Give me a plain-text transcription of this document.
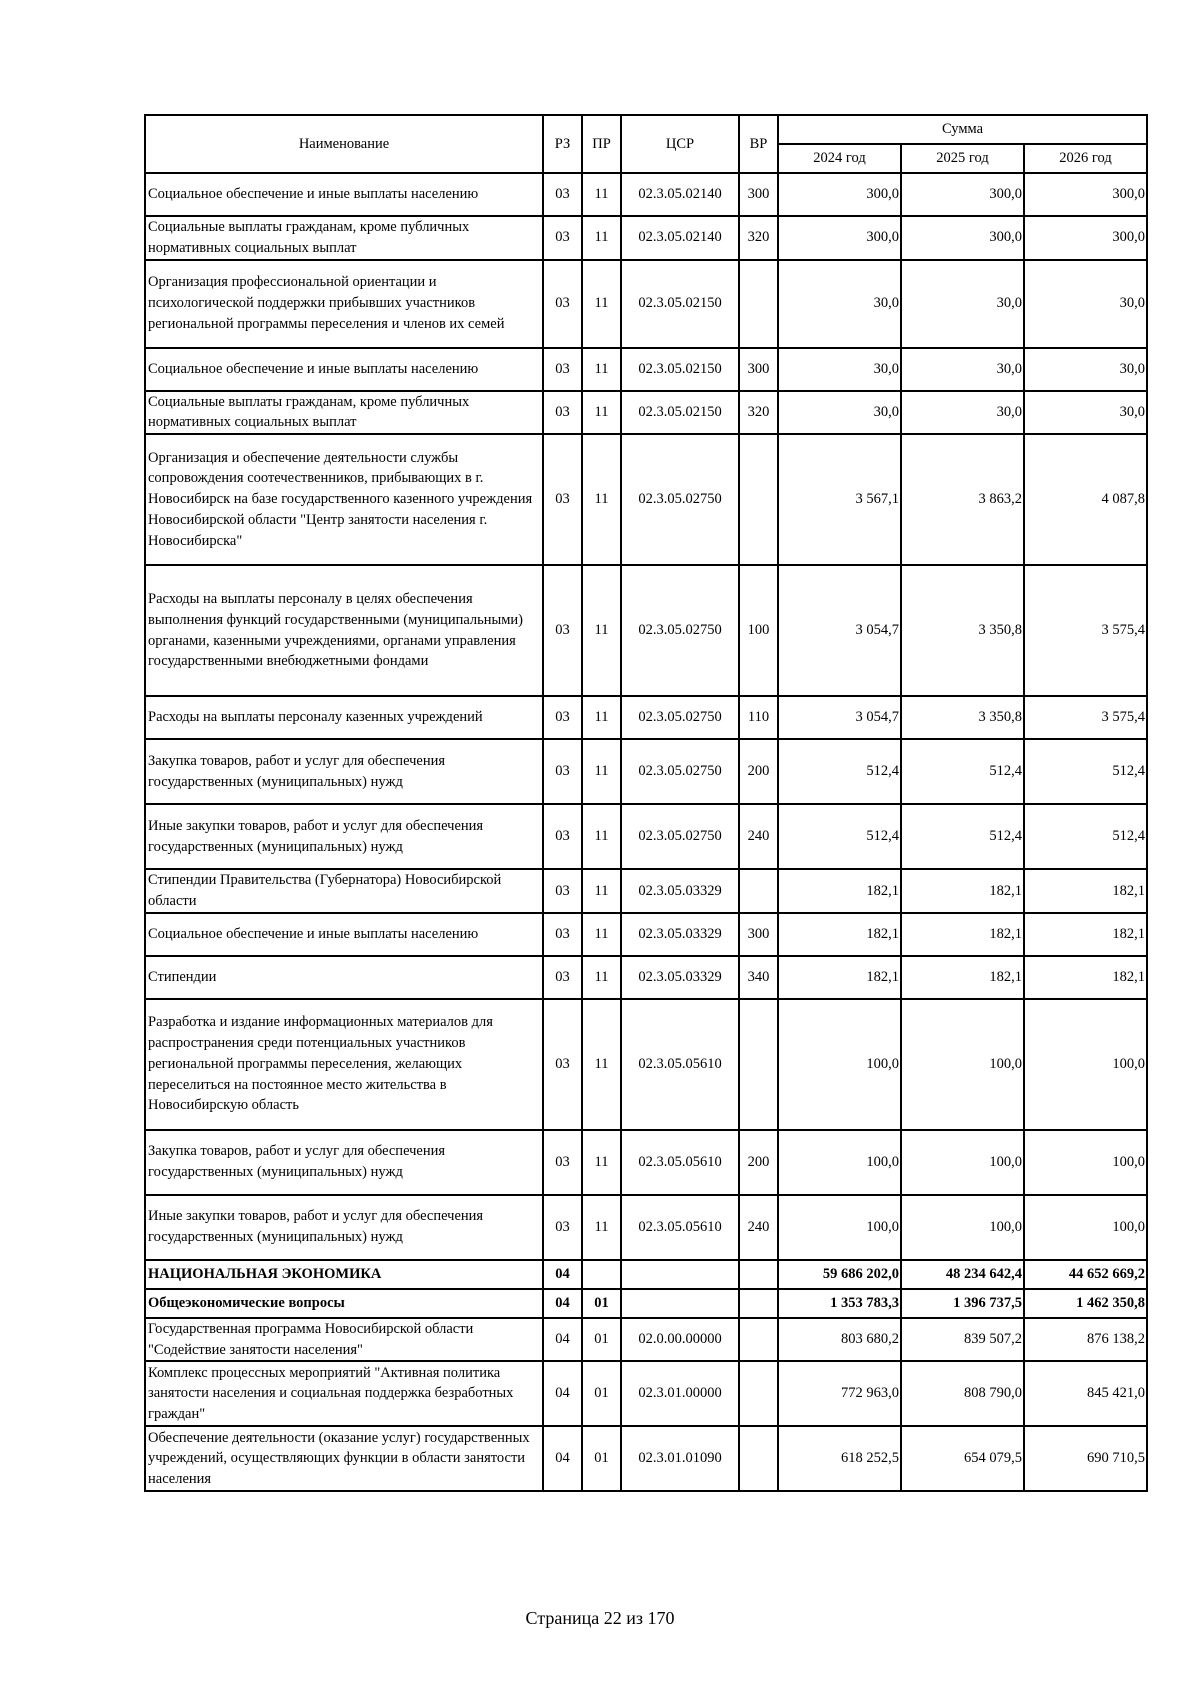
Наименование	РЗ	ПР	ЦСР	ВР	Сумма		
					2024 год	2025 год	2026 год
Социальное обеспечение и иные выплаты населению	03	11	02.3.05.02140	300	300,0	300,0	300,0
Социальные выплаты гражданам, кроме публичных нормативных социальных выплат	03	11	02.3.05.02140	320	300,0	300,0	300,0
Организация профессиональной ориентации и психологической поддержки прибывших участников региональной программы переселения и членов их семей	03	11	02.3.05.02150		30,0	30,0	30,0
Социальное обеспечение и иные выплаты населению	03	11	02.3.05.02150	300	30,0	30,0	30,0
Социальные выплаты гражданам, кроме публичных нормативных социальных выплат	03	11	02.3.05.02150	320	30,0	30,0	30,0
Организация и обеспечение деятельности службы сопровождения соотечественников, прибывающих в г. Новосибирск на базе государственного казенного учреждения Новосибирской области "Центр занятости населения г. Новосибирска"	03	11	02.3.05.02750		3 567,1	3 863,2	4 087,8
Расходы на выплаты персоналу в целях обеспечения выполнения функций государственными (муниципальными) органами, казенными учреждениями, органами управления государственными внебюджетными фондами	03	11	02.3.05.02750	100	3 054,7	3 350,8	3 575,4
Расходы на выплаты персоналу казенных учреждений	03	11	02.3.05.02750	110	3 054,7	3 350,8	3 575,4
Закупка товаров, работ и услуг для обеспечения государственных (муниципальных) нужд	03	11	02.3.05.02750	200	512,4	512,4	512,4
Иные закупки товаров, работ и услуг для обеспечения государственных (муниципальных) нужд	03	11	02.3.05.02750	240	512,4	512,4	512,4
Стипендии Правительства (Губернатора) Новосибирской области	03	11	02.3.05.03329		182,1	182,1	182,1
Социальное обеспечение и иные выплаты населению	03	11	02.3.05.03329	300	182,1	182,1	182,1
Стипендии	03	11	02.3.05.03329	340	182,1	182,1	182,1
Разработка и издание информационных материалов для распространения среди потенциальных участников региональной программы переселения, желающих переселиться на постоянное место жительства в Новосибирскую область	03	11	02.3.05.05610		100,0	100,0	100,0
Закупка товаров, работ и услуг для обеспечения государственных (муниципальных) нужд	03	11	02.3.05.05610	200	100,0	100,0	100,0
Иные закупки товаров, работ и услуг для обеспечения государственных (муниципальных) нужд	03	11	02.3.05.05610	240	100,0	100,0	100,0
НАЦИОНАЛЬНАЯ ЭКОНОМИКА	04				59 686 202,0	48 234 642,4	44 652 669,2
Общеэкономические вопросы	04	01			1 353 783,3	1 396 737,5	1 462 350,8
Государственная программа Новосибирской области "Содействие занятости населения"	04	01	02.0.00.00000		803 680,2	839 507,2	876 138,2
Комплекс процессных мероприятий "Активная политика занятости населения и социальная поддержка безработных граждан"	04	01	02.3.01.00000		772 963,0	808 790,0	845 421,0
Обеспечение деятельности (оказание услуг) государственных учреждений, осуществляющих функции в области занятости населения	04	01	02.3.01.01090		618 252,5	654 079,5	690 710,5
Страница 22 из 170
